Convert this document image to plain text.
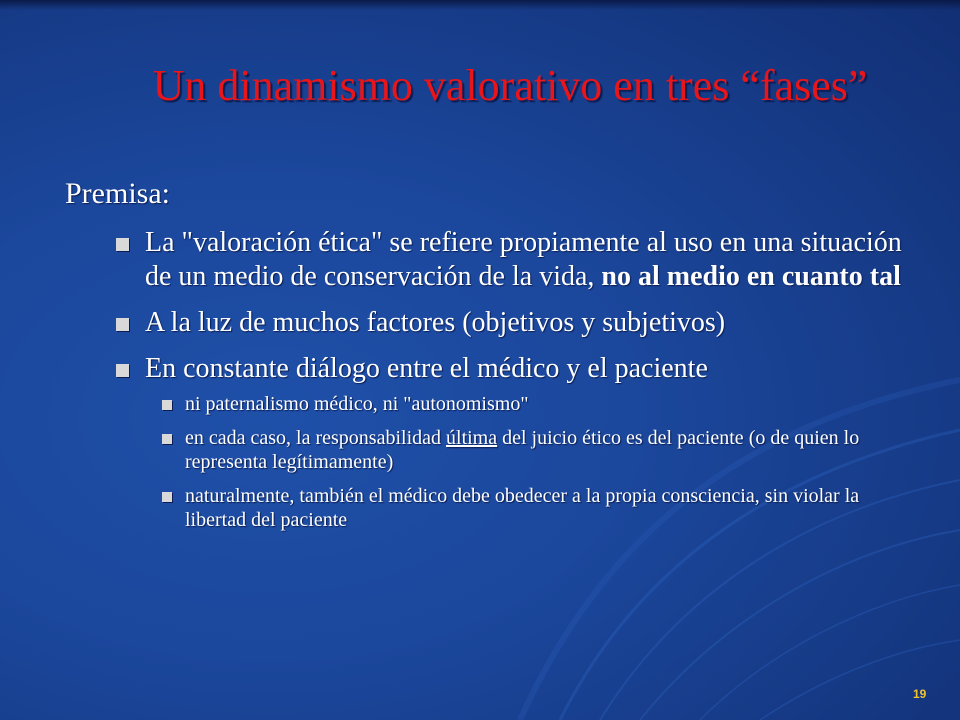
Un dinamismo valorativo en tres “fases”

Premisa:

La "valoración ética" se refiere propiamente al uso en una situación de un medio de conservación de la vida, no al medio en cuanto tal
A la luz de muchos factores (objetivos y subjetivos)
En constante diálogo entre el médico y el paciente
ni paternalismo médico, ni "autonomismo"
en cada caso, la responsabilidad última del juicio ético es del paciente (o de quien lo representa legítimamente)
naturalmente, también el médico debe obedecer a la propia consciencia, sin violar la libertad del paciente
19
